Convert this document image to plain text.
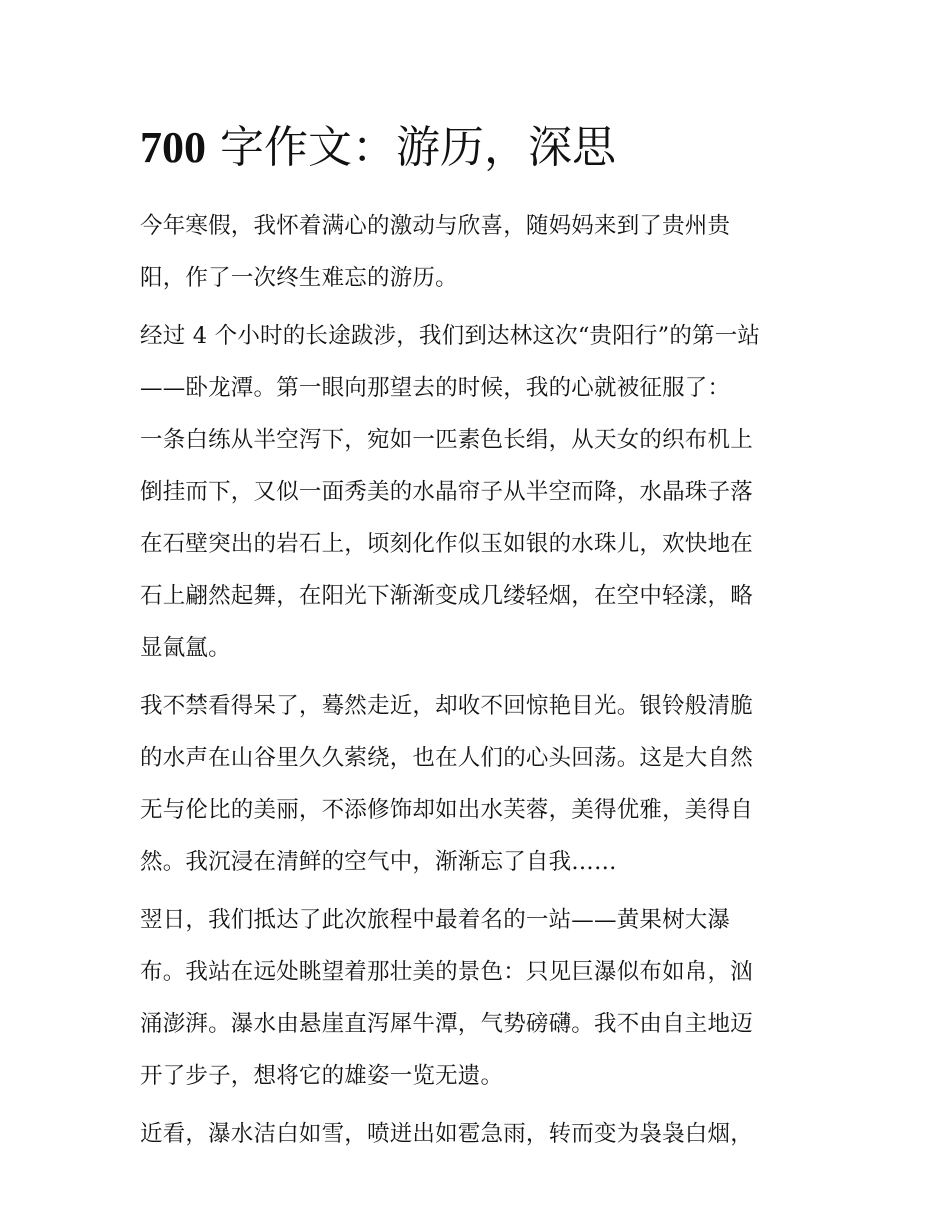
700 字作文：游历，深思

今年寒假，我怀着满心的激动与欣喜，随妈妈来到了贵州贵
阳，作了一次终生难忘的游历。

经过 4 个小时的长途跋涉，我们到达林这次“贵阳行”的第一站
——卧龙潭。第一眼向那望去的时候，我的心就被征服了：
一条白练从半空泻下，宛如一匹素色长绢，从天女的织布机上
倒挂而下，又似一面秀美的水晶帘子从半空而降，水晶珠子落
在石壁突出的岩石上，顷刻化作似玉如银的水珠儿，欢快地在
石上翩然起舞，在阳光下渐渐变成几缕轻烟，在空中轻漾，略
显氤氲。

我不禁看得呆了，蓦然走近，却收不回惊艳目光。银铃般清脆
的水声在山谷里久久萦绕，也在人们的心头回荡。这是大自然
无与伦比的美丽，不添修饰却如出水芙蓉，美得优雅，美得自
然。我沉浸在清鲜的空气中，渐渐忘了自我……

翌日，我们抵达了此次旅程中最着名的一站——黄果树大瀑
布。我站在远处眺望着那壮美的景色：只见巨瀑似布如帛，汹
涌澎湃。瀑水由悬崖直泻犀牛潭，气势磅礴。我不由自主地迈
开了步子，想将它的雄姿一览无遗。

近看，瀑水洁白如雪，喷迸出如雹急雨，转而变为袅袅白烟，
